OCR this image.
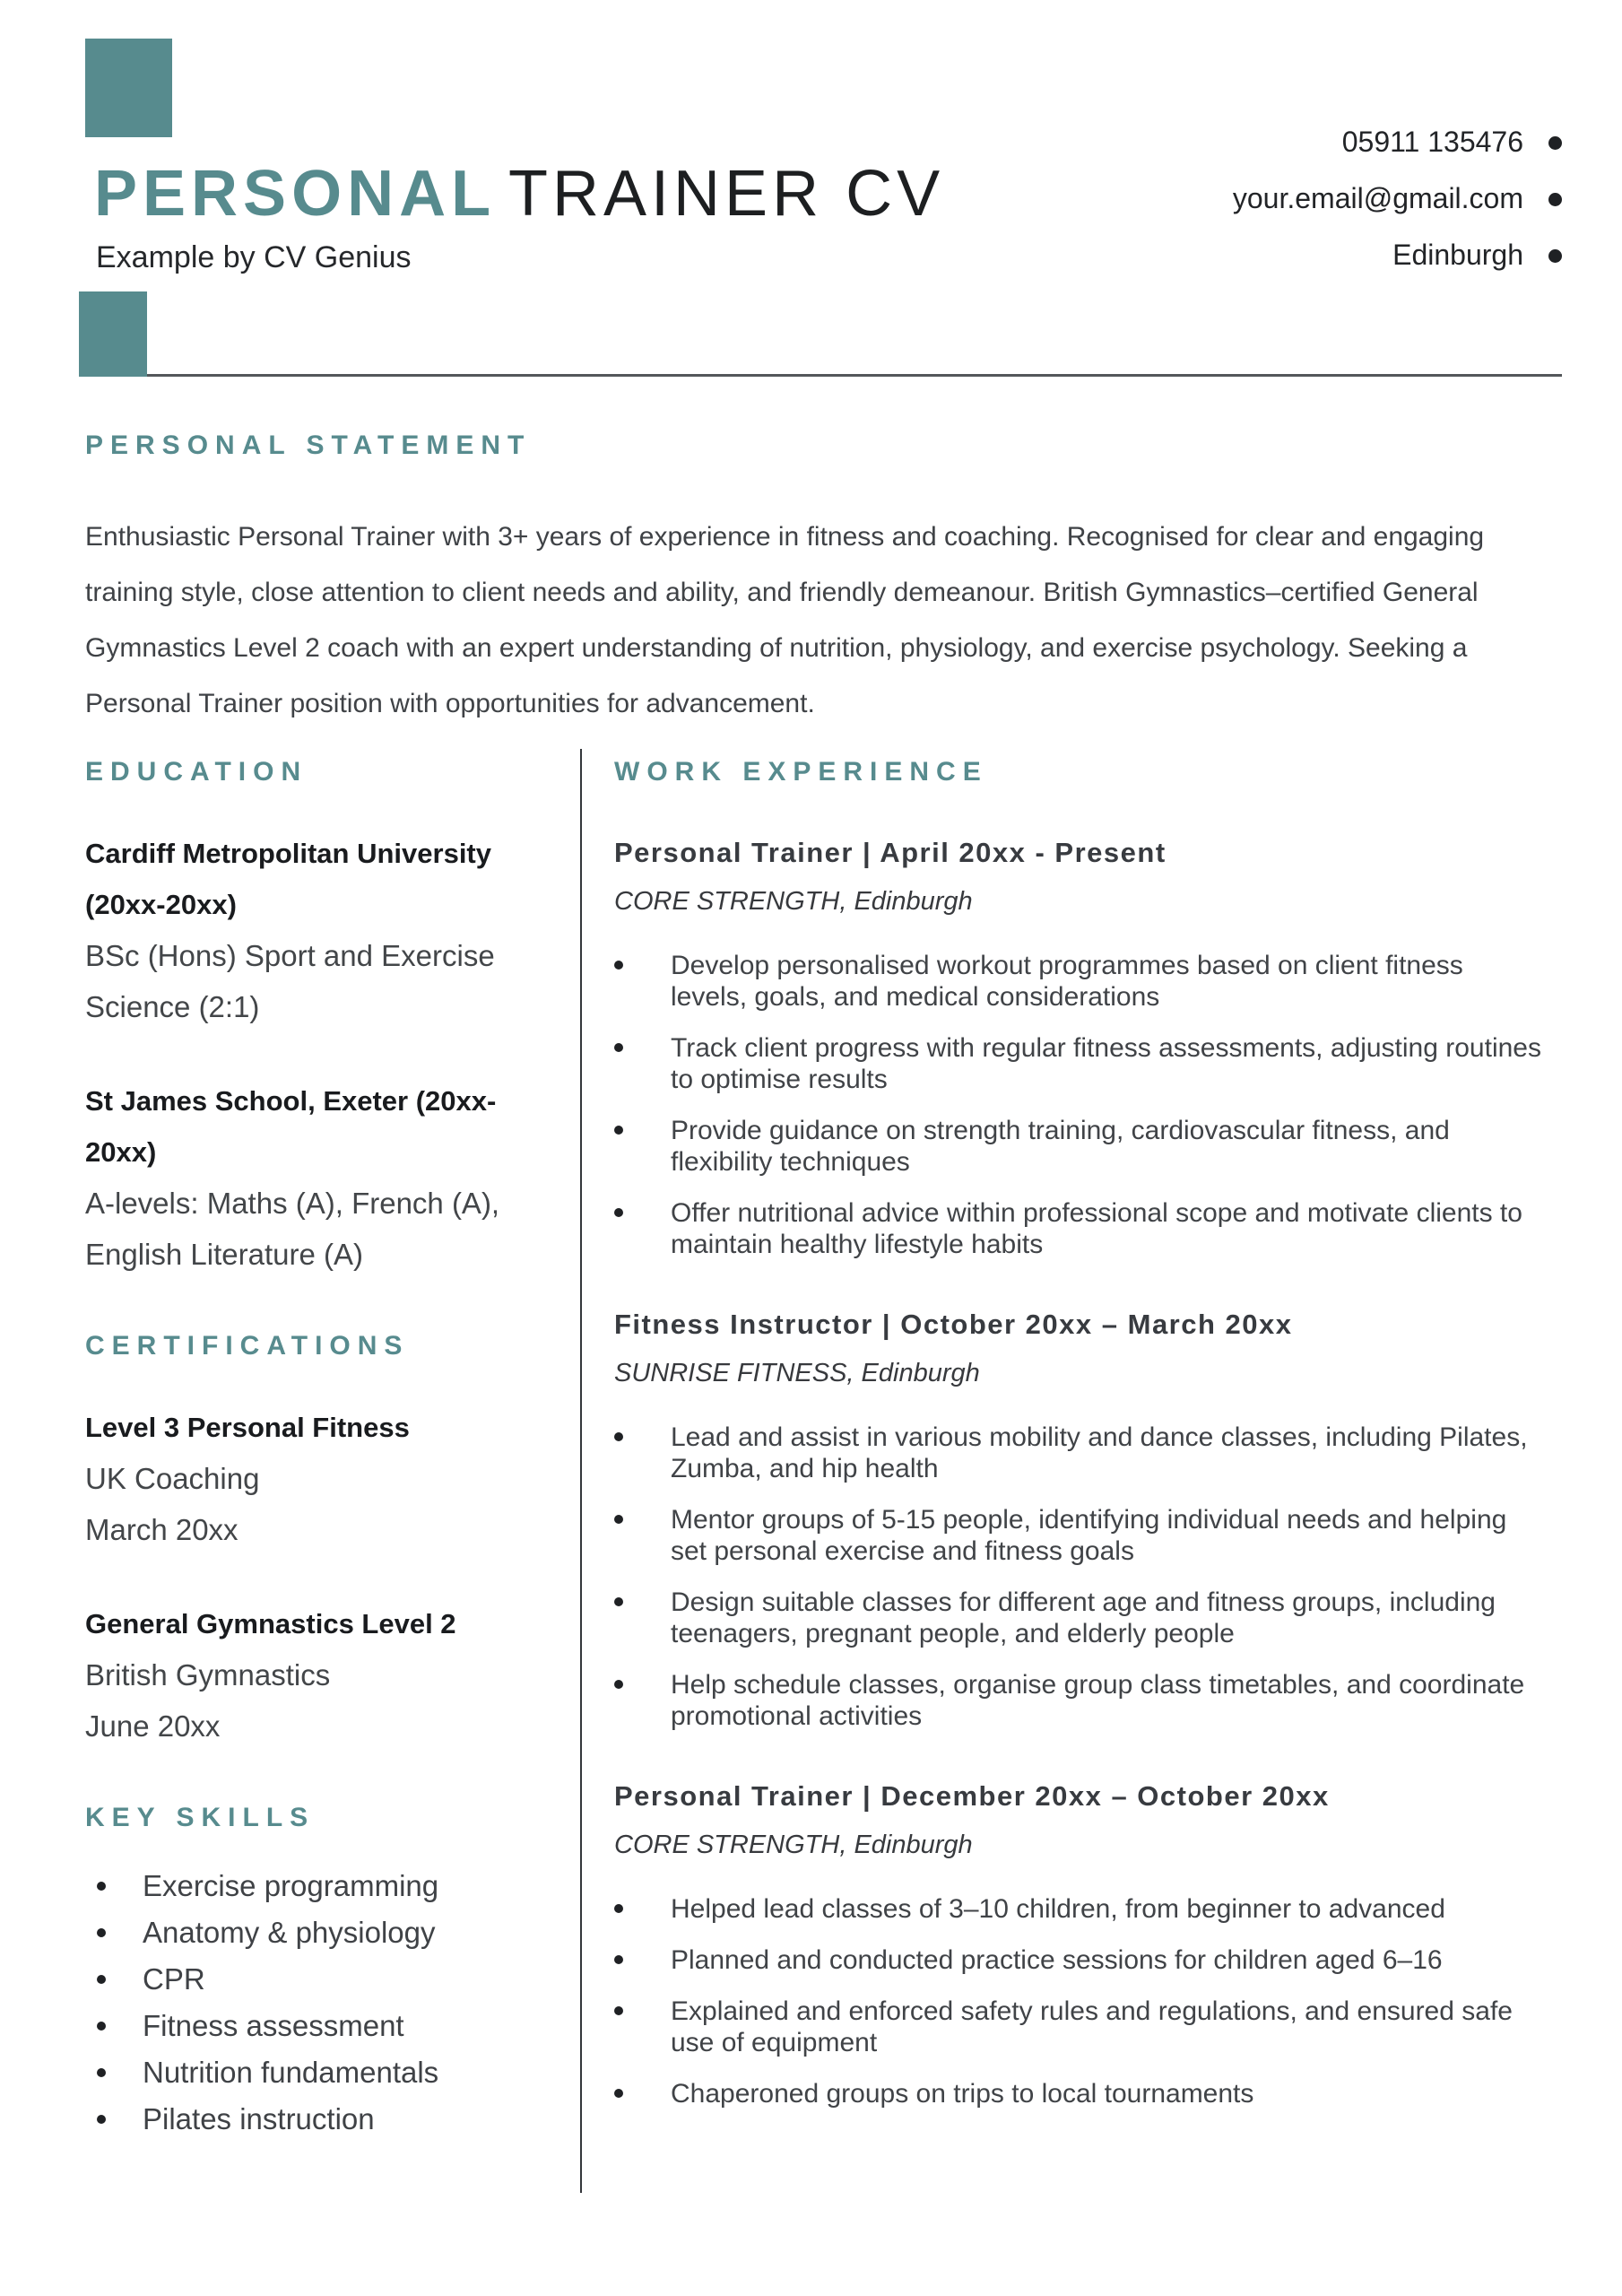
PERSONAL TRAINER CV
Example by CV Genius
05911 135476
your.email@gmail.com
Edinburgh
PERSONAL STATEMENT

Enthusiastic Personal Trainer with 3+ years of experience in fitness and coaching. Recognised for clear and engaging training style, close attention to client needs and ability, and friendly demeanour. British Gymnastics–certified General Gymnastics Level 2 coach with an expert understanding of nutrition, physiology, and exercise psychology. Seeking a Personal Trainer position with opportunities for advancement.

EDUCATION
Cardiff Metropolitan University (20xx-20xx)
BSc (Hons) Sport and Exercise Science (2:1)
St James School, Exeter (20xx-20xx)
A-levels: Maths (A), French (A), English Literature (A)
CERTIFICATIONS
Level 3 Personal Fitness
UK Coaching
March 20xx
General Gymnastics Level 2
British Gymnastics
June 20xx
KEY SKILLS
Exercise programming
Anatomy & physiology
CPR
Fitness assessment
Nutrition fundamentals
Pilates instruction
WORK EXPERIENCE
Personal Trainer | April 20xx - Present
CORE STRENGTH, Edinburgh
Develop personalised workout programmes based on client fitness levels, goals, and medical considerations
Track client progress with regular fitness assessments, adjusting routines to optimise results
Provide guidance on strength training, cardiovascular fitness, and flexibility techniques
Offer nutritional advice within professional scope and motivate clients to maintain healthy lifestyle habits
Fitness Instructor | October 20xx – March 20xx
SUNRISE FITNESS, Edinburgh
Lead and assist in various mobility and dance classes, including Pilates, Zumba, and hip health
Mentor groups of 5-15 people, identifying individual needs and helping set personal exercise and fitness goals
Design suitable classes for different age and fitness groups, including teenagers, pregnant people, and elderly people
Help schedule classes, organise group class timetables, and coordinate promotional activities
Personal Trainer | December 20xx – October 20xx
CORE STRENGTH, Edinburgh
Helped lead classes of 3–10 children, from beginner to advanced
Planned and conducted practice sessions for children aged 6–16
Explained and enforced safety rules and regulations, and ensured safe use of equipment
Chaperoned groups on trips to local tournaments
